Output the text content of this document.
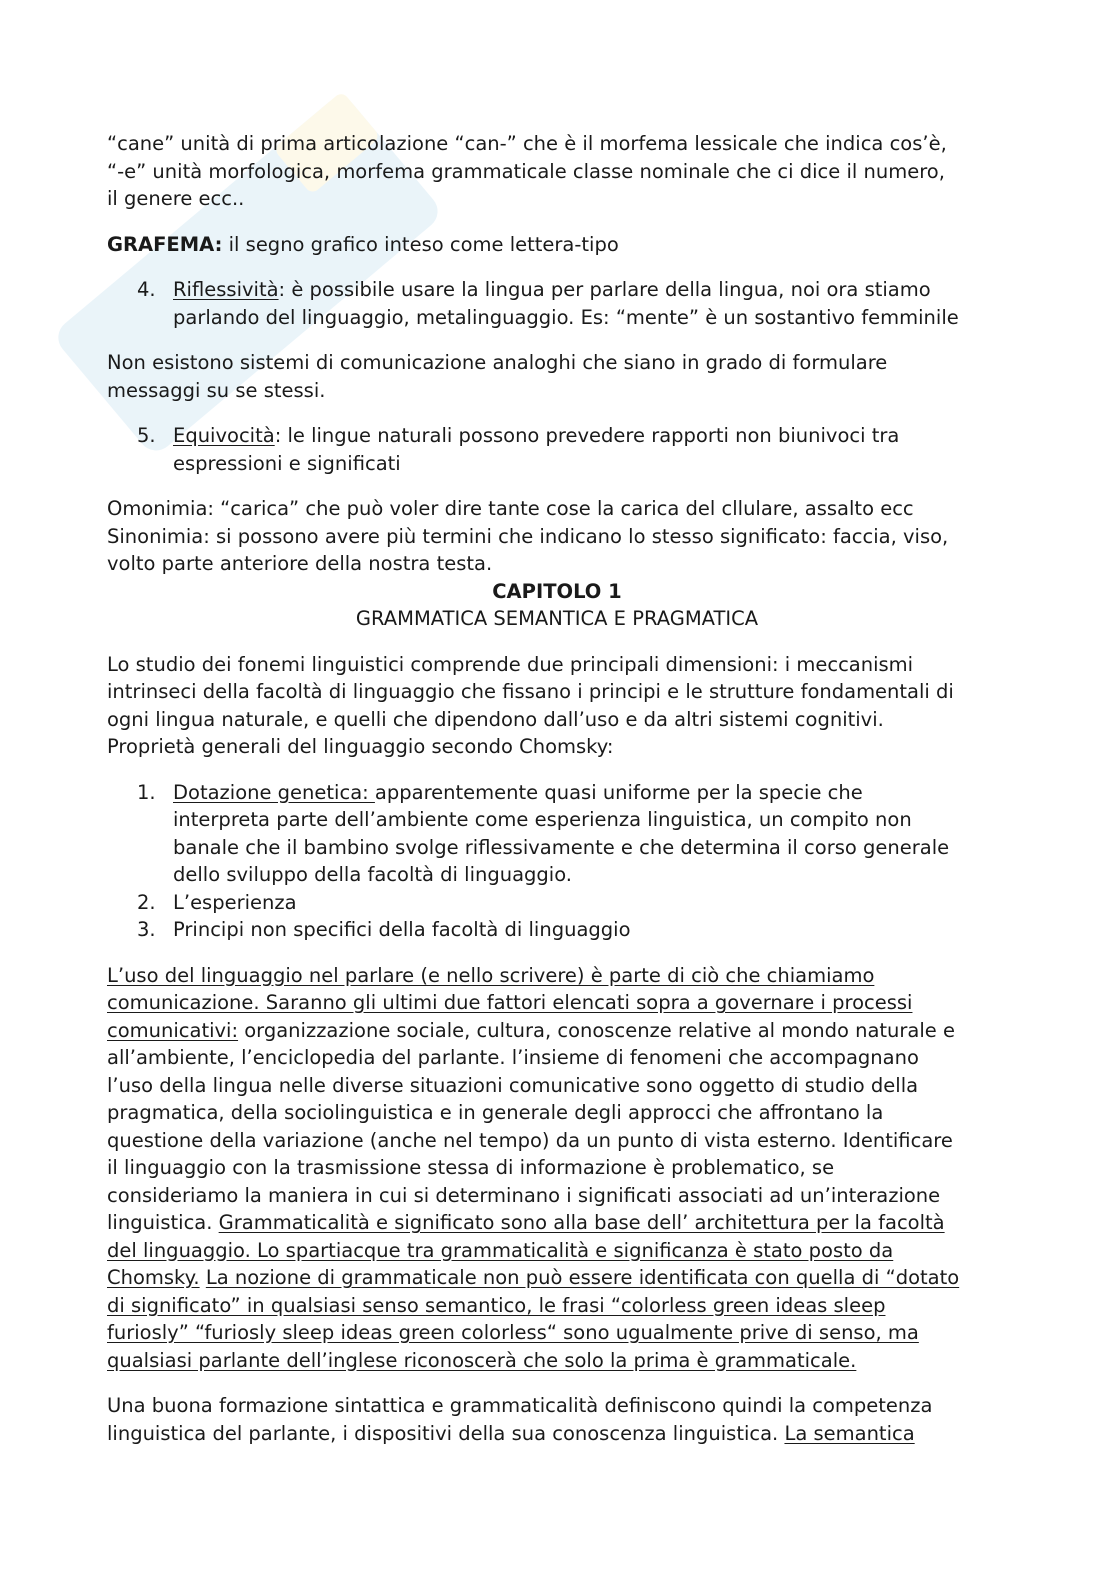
“cane” unità di prima articolazione “can-” che è il morfema lessicale che indica cos’è,
“-e” unità morfologica, morfema grammaticale classe nominale che ci dice il numero,
il genere ecc..

GRAFEMA: il segno grafico inteso come lettera-tipo

4. Riflessività: è possibile usare la lingua per parlare della lingua, noi ora stiamo
parlando del linguaggio, metalinguaggio. Es: “mente” è un sostantivo femminile

Non esistono sistemi di comunicazione analoghi che siano in grado di formulare
messaggi su se stessi.

5. Equivocità: le lingue naturali possono prevedere rapporti non biunivoci tra
espressioni e significati

Omonimia: “carica” che può voler dire tante cose la carica del cllulare, assalto ecc
Sinonimia: si possono avere più termini che indicano lo stesso significato: faccia, viso,
volto parte anteriore della nostra testa.

CAPITOLO 1

GRAMMATICA SEMANTICA E PRAGMATICA

Lo studio dei fonemi linguistici comprende due principali dimensioni: i meccanismi
intrinseci della facoltà di linguaggio che fissano i principi e le strutture fondamentali di
ogni lingua naturale, e quelli che dipendono dall’uso e da altri sistemi cognitivi.
Proprietà generali del linguaggio secondo Chomsky:

1. Dotazione genetica: apparentemente quasi uniforme per la specie che
interpreta parte dell’ambiente come esperienza linguistica, un compito non
banale che il bambino svolge riflessivamente e che determina il corso generale
dello sviluppo della facoltà di linguaggio.
2. L’esperienza
3. Principi non specifici della facoltà di linguaggio

L’uso del linguaggio nel parlare (e nello scrivere) è parte di ciò che chiamiamo
comunicazione. Saranno gli ultimi due fattori elencati sopra a governare i processi
comunicativi: organizzazione sociale, cultura, conoscenze relative al mondo naturale e
all’ambiente, l’enciclopedia del parlante. l’insieme di fenomeni che accompagnano
l’uso della lingua nelle diverse situazioni comunicative sono oggetto di studio della
pragmatica, della sociolinguistica e in generale degli approcci che affrontano la
questione della variazione (anche nel tempo) da un punto di vista esterno. Identificare
il linguaggio con la trasmissione stessa di informazione è problematico, se
consideriamo la maniera in cui si determinano i significati associati ad un’interazione
linguistica. Grammaticalità e significato sono alla base dell’ architettura per la facoltà
del linguaggio. Lo spartiacque tra grammaticalità e significanza è stato posto da
Chomsky. La nozione di grammaticale non può essere identificata con quella di “dotato
di significato” in qualsiasi senso semantico, le frasi “colorless green ideas sleep
furiosly” “furiosly sleep ideas green colorless“ sono ugualmente prive di senso, ma
qualsiasi parlante dell’inglese riconoscerà che solo la prima è grammaticale.

Una buona formazione sintattica e grammaticalità definiscono quindi la competenza
linguistica del parlante, i dispositivi della sua conoscenza linguistica. La semantica
